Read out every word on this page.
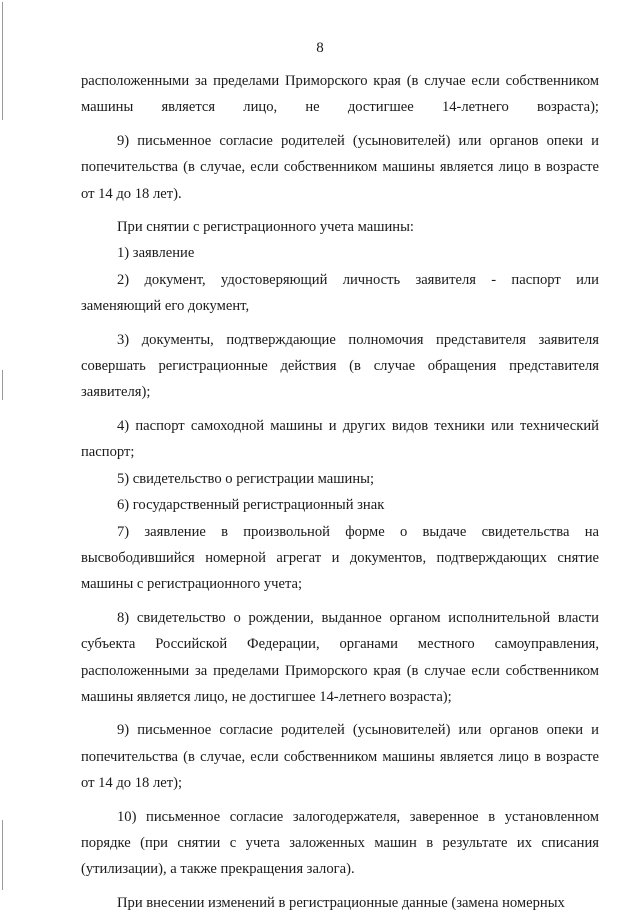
8

расположенными за пределами Приморского края (в случае если собственником машины является лицо, не достигшее 14-летнего возраста);

9) письменное согласие родителей (усыновителей) или органов опеки и попечительства (в случае, если собственником машины является лицо в возрасте от 14 до 18 лет).

При снятии с регистрационного учета машины:

1) заявление

2) документ, удостоверяющий личность заявителя - паспорт или заменяющий его документ,

3) документы, подтверждающие полномочия представителя заявителя совершать регистрационные действия (в случае обращения представителя заявителя);

4) паспорт самоходной машины и других видов техники или технический паспорт;

5) свидетельство о регистрации машины;

6) государственный регистрационный знак

7) заявление в произвольной форме о выдаче свидетельства на высвободившийся номерной агрегат и документов, подтверждающих снятие машины с регистрационного учета;

8) свидетельство о рождении, выданное органом исполнительной власти субъекта Российской Федерации, органами местного самоуправления, расположенными за пределами Приморского края (в случае если собственником машины является лицо, не достигшее 14-летнего возраста);

9) письменное согласие родителей (усыновителей) или органов опеки и попечительства (в случае, если собственником машины является лицо в возрасте от 14 до 18 лет);

10) письменное согласие залогодержателя, заверенное в установленном порядке (при снятии с учета заложенных машин в результате их списания (утилизации), а также прекращения залога).

При внесении изменений в регистрационные данные (замена номерных
